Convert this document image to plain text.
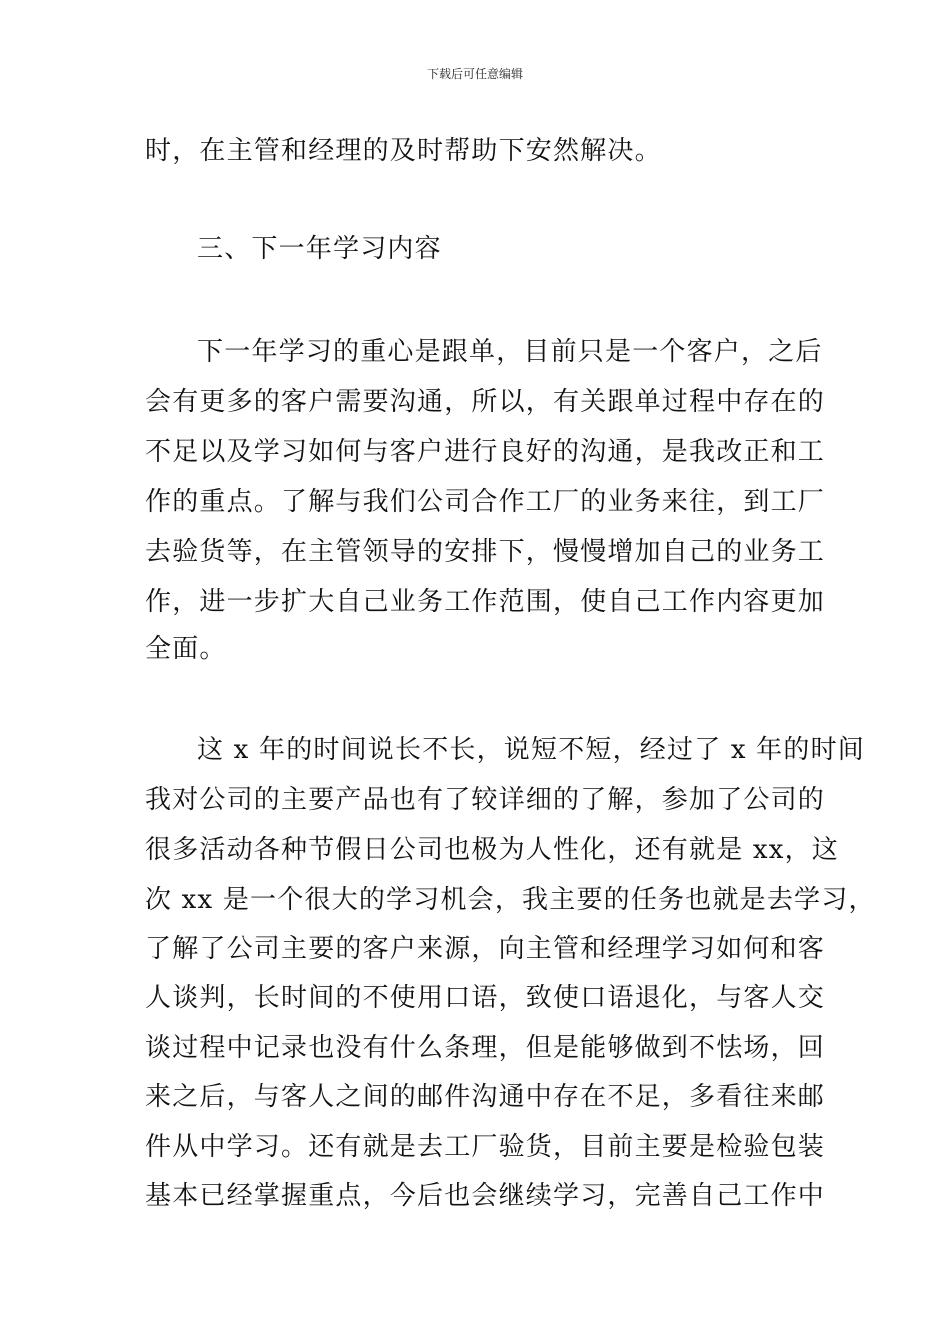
下载后可任意编辑
时，在主管和经理的及时帮助下安然解决。
三、下一年学习内容
下一年学习的重心是跟单，目前只是一个客户，之后
会有更多的客户需要沟通，所以，有关跟单过程中存在的
不足以及学习如何与客户进行良好的沟通，是我改正和工
作的重点。了解与我们公司合作工厂的业务来往，到工厂
去验货等，在主管领导的安排下，慢慢增加自己的业务工
作，进一步扩大自己业务工作范围，使自己工作内容更加
全面。
这 x 年的时间说长不长，说短不短，经过了 x 年的时间
我对公司的主要产品也有了较详细的了解，参加了公司的
很多活动各种节假日公司也极为人性化，还有就是 xx，这
次 xx 是一个很大的学习机会，我主要的任务也就是去学习，
了解了公司主要的客户来源，向主管和经理学习如何和客
人谈判，长时间的不使用口语，致使口语退化，与客人交
谈过程中记录也没有什么条理，但是能够做到不怯场，回
来之后，与客人之间的邮件沟通中存在不足，多看往来邮
件从中学习。还有就是去工厂验货，目前主要是检验包装
基本已经掌握重点，今后也会继续学习，完善自己工作中
